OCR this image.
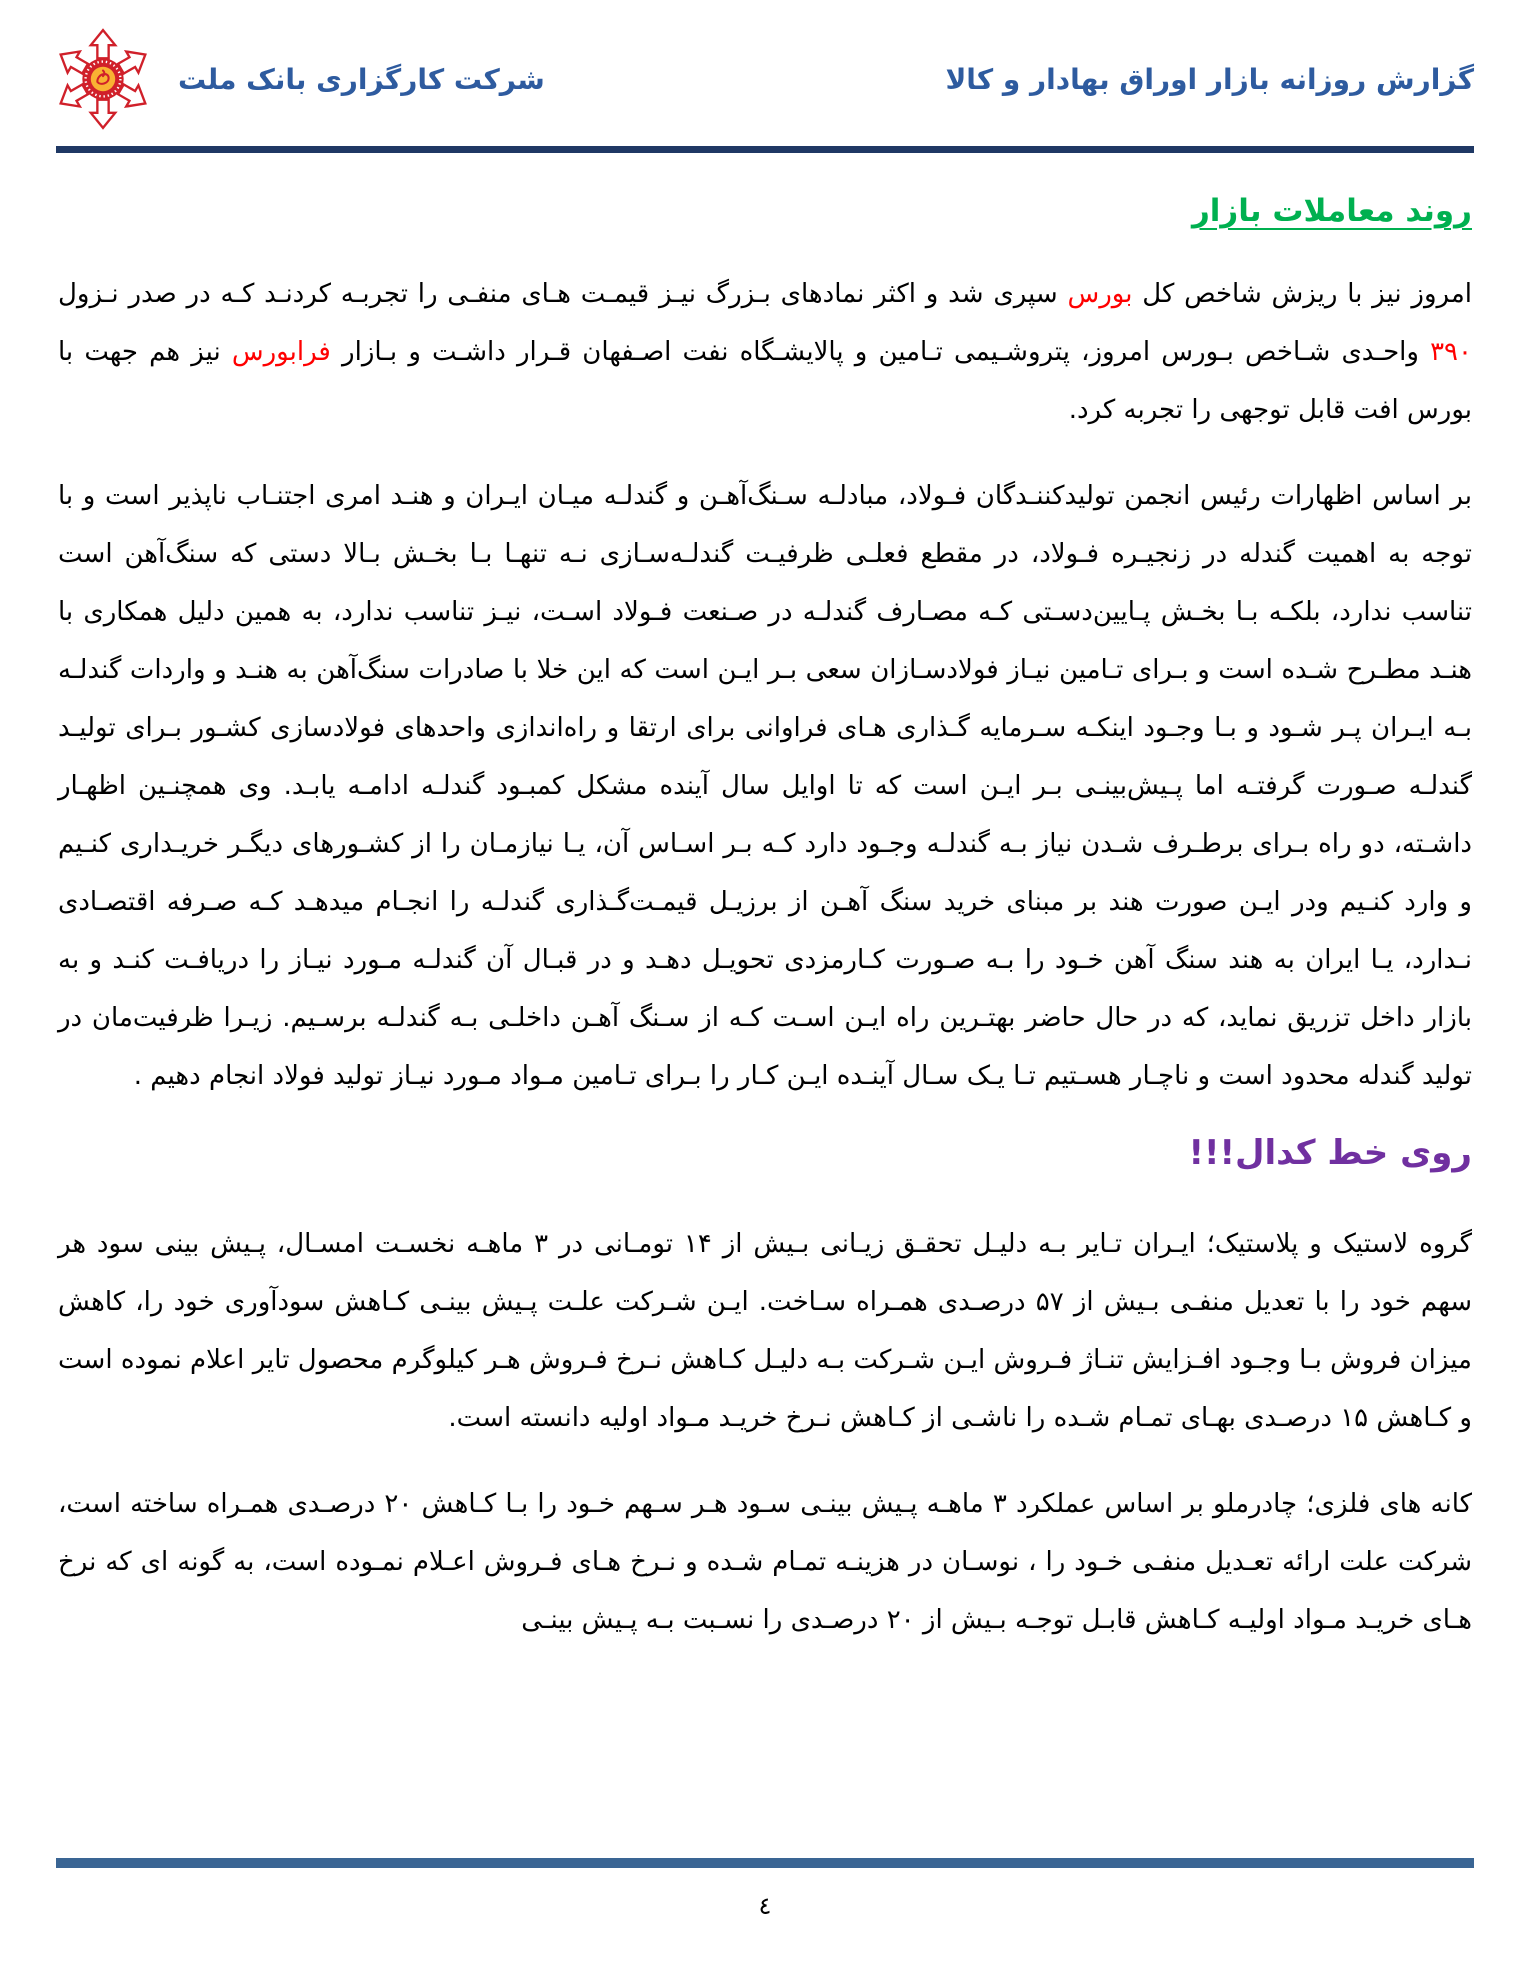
شرکت کارگزاری بانک ملت	گزارش روزانه بازار اوراق بهادار و کالا
روند معاملات بازار

امروز نیز با ریزش شاخص کل بورس سپری شد و اکثر نمادهای بـزرگ نیـز قیمـت هـای منفـی را تجربـه کردنـد کـه در صدر نـزول ۳۹۰ واحـدی شـاخص بـورس امروز، پتروشـیمی تـامین و پالایشـگاه نفت اصـفهان قـرار داشـت و بـازار فرابورس نیز هم جهت با بورس افت قابل توجهی را تجربه کرد.

بر اساس اظهارات رئیس انجمن تولیدکننـدگان فـولاد، مبادلـه سـنگ‌آهـن و گندلـه میـان ایـران و هنـد امری اجتنـاب ناپذیر است و با توجه به اهمیت گندله در زنجیـره فـولاد، در مقطع فعلـی ظرفیـت گندلـه‌سـازی نـه تنهـا بـا بخـش بـالا دستی که سنگ‌آهن است تناسب ندارد، بلکـه بـا بخـش پـایین‌دسـتی کـه مصـارف گندلـه در صـنعت فـولاد اسـت، نیـز تناسب ندارد، به همین دلیل همکاری با هنـد مطـرح شـده است و بـرای تـامین نیـاز فولادسـازان سعی بـر ایـن است که این خلا با صادرات سنگ‌آهن به هنـد و واردات گندلـه بـه ایـران پـر شـود و بـا وجـود اینکـه سـرمایه گـذاری هـای فراوانی برای ارتقا و راه‌اندازی واحدهای فولادسازی کشـور بـرای تولیـد گندلـه صـورت گرفتـه اما پـیش‌بینـی بـر ایـن است که تا اوایل سال آینده مشکل کمبـود گندلـه ادامـه یابـد. وی همچنـین اظهـار داشـته، دو راه بـرای برطـرف شـدن نیاز بـه گندلـه وجـود دارد کـه بـر اسـاس آن، یـا نیازمـان را از کشـورهای دیگـر خریـداری کنـیم و وارد کنـیم ودر ایـن صورت هند بر مبنای خرید سنگ آهـن از برزیـل قیمـت‌گـذاری گندلـه را انجـام میدهـد کـه صـرفه اقتصـادی نـدارد، یـا ایران به هند سنگ آهن خـود را بـه صـورت کـارمزدی تحویـل دهـد و در قبـال آن گندلـه مـورد نیـاز را دریافـت کنـد و به بازار داخل تزریق نماید، که در حال حاضر بهتـرین راه ایـن اسـت کـه از سـنگ آهـن داخلـی بـه گندلـه برسـیم. زیـرا ظرفیت‌مان در تولید گندله محدود است و ناچـار هسـتیم تـا یـک سـال آینـده ایـن کـار را بـرای تـامین مـواد مـورد نیـاز تولید فولاد انجام دهیم .

روی خط کدال!!!

گروه لاستیک و پلاستیک؛ ایـران تـایر بـه دلیـل تحقـق زیـانی بـیش از ۱۴ تومـانی در ۳ ماهـه نخسـت امسـال، پـیش بینی سود هر سهم خود را با تعدیل منفـی بـیش از ۵۷ درصـدی همـراه سـاخت. ایـن شـرکت علـت پـیش بینـی کـاهش سودآوری خود را، کاهش میزان فروش بـا وجـود افـزایش تنـاژ فـروش ایـن شـرکت بـه دلیـل کـاهش نـرخ فـروش هـر کیلوگرم محصول تایر اعلام نموده است و کـاهش ۱۵ درصـدی بهـای تمـام شـده را ناشـی از کـاهش نـرخ خریـد مـواد اولیه دانسته است.

کانه های فلزی؛ چادرملو بر اساس عملکرد ۳ ماهـه پـیش بینـی سـود هـر سـهم خـود را بـا کـاهش ۲۰ درصـدی همـراه ساخته است، شرکت علت ارائه تعـدیل منفـی خـود را ، نوسـان در هزینـه تمـام شـده و نـرخ هـای فـروش اعـلام نمـوده است، به گونه ای که نرخ هـای خریـد مـواد اولیـه کـاهش قابـل توجـه بـیش از ۲۰ درصـدی را نسـبت بـه پـیش بینـی

٤
